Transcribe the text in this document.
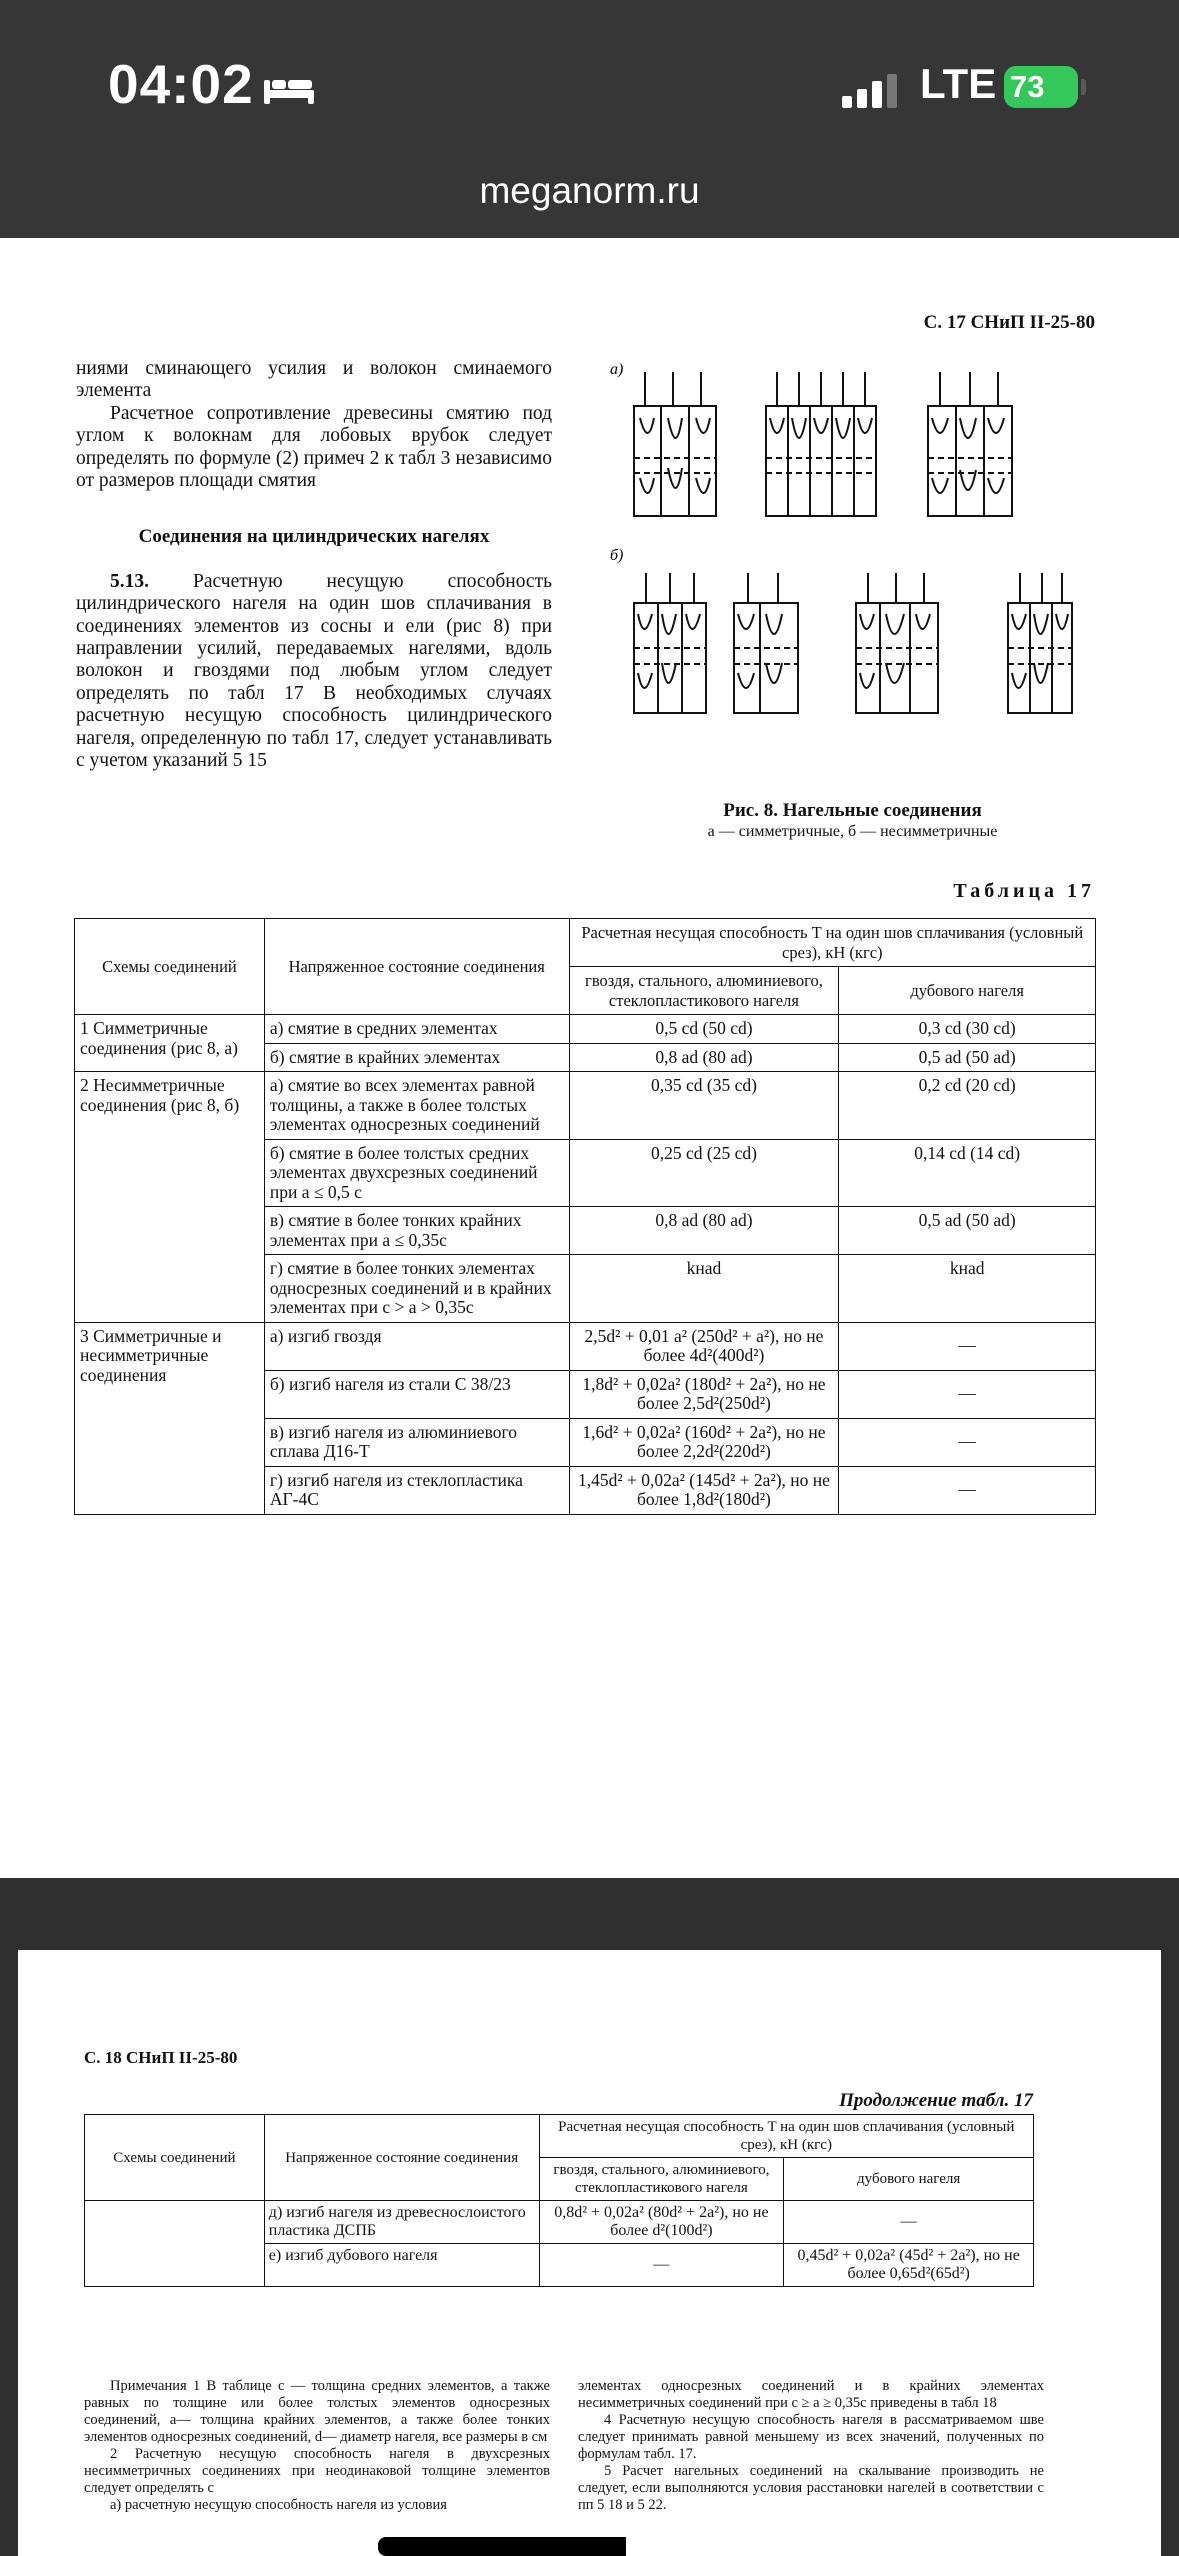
04:02	LTE 73
meganorm.ru
С. 17 СНиП II-25-80

ниями сминающего усилия и волокон сминаемого элемента

Расчетное сопротивление древесины смятию под углом к волокнам для лобовых врубок следует определять по формуле (2) примеч 2 к табл 3 независимо от размеров площади смятия

Соединения на цилиндрических нагелях

5.13. Расчетную несущую способность цилиндрического нагеля на один шов сплачивания в соединениях элементов из сосны и ели (рис 8) при направлении усилий, передаваемых нагелями, вдоль волокон и гвоздями под любым углом следует определять по табл 17 В необходимых случаях расчетную несущую способность цилиндрического нагеля, определенную по табл 17, следует устанавливать с учетом указаний 5 15

а)
б)
Рис. 8. Нагельные соединения
а — симметричные, б — несимметричные
Таблица 17
Схемы соединений	Напряженное состояние соединения	Расчетная несущая способность T на один шов сплачивания (условный срез), кН (кгс)	
		гвоздя, стального, алюминиевого, стеклопластикового нагеля	дубового нагеля
1 Симметричные соединения (рис 8, а)	а) смятие в средних элементах	0,5 cd (50 cd)	0,3 cd (30 cd)
	б) смятие в крайних элементах	0,8 ad (80 ad)	0,5 ad (50 ad)
2 Несимметричные соединения (рис 8, б)	а) смятие во всех элементах равной толщины, а также в более толстых элементах односрезных соединений	0,35 cd (35 cd)	0,2 cd (20 cd)
	б) смятие в более толстых средних элементах двухсрезных соединений при а ≤ 0,5 с	0,25 cd (25 cd)	0,14 cd (14 cd)
	в) смятие в более тонких крайних элементах при а ≤ 0,35с	0,8 ad (80 ad)	0,5 ad (50 ad)
	г) смятие в более тонких элементах односрезных соединений и в крайних элементах при c > a > 0,35c	kнad	kнad
3 Симметричные и несимметричные соединения	а) изгиб гвоздя	2,5d² + 0,01 a² (250d² + a²), но не более 4d²(400d²)	—
	б) изгиб нагеля из стали С 38/23	1,8d² + 0,02a² (180d² + 2a²), но не более 2,5d²(250d²)	—
	в) изгиб нагеля из алюминиевого сплава Д16-Т	1,6d² + 0,02a² (160d² + 2a²), но не более 2,2d²(220d²)	—
	г) изгиб нагеля из стеклопластика АГ-4С	1,45d² + 0,02a² (145d² + 2a²), но не более 1,8d²(180d²)	—
С. 18 СНиП II-25-80
Продолжение табл. 17
Схемы соединений	Напряженное состояние соединения	Расчетная несущая способность T на один шов сплачивания (условный срез), кН (кгс)	
		гвоздя, стального, алюминиевого, стеклопластикового нагеля	дубового нагеля
	д) изгиб нагеля из древеснослоистого пластика ДСПБ	0,8d² + 0,02a² (80d² + 2a²), но не более d²(100d²)	—
	е) изгиб дубового нагеля	—	0,45d² + 0,02a² (45d² + 2a²), но не более 0,65d²(65d²)

Примечания 1 В таблице с — толщина средних элементов, а также равных по толщине или более толстых элементов односрезных соединений, а— толщина крайних элементов, а также более тонких элементов односрезных соединений, d— диаметр нагеля, все размеры в см

2 Расчетную несущую способность нагеля в двухсрезных несимметричных соединениях при неодинаковой толщине элементов следует определять с

а) расчетную несущую способность нагеля из условия

элементах односрезных соединений и в крайних элементах несимметричных соединений при c ≥ a ≥ 0,35c приведены в табл 18

4 Расчетную несущую способность нагеля в рассматриваемом шве следует принимать равной меньшему из всех значений, полученных по формулам табл. 17.

5 Расчет нагельных соединений на скалывание производить не следует, если выполняются условия расстановки нагелей в соответствии с пп 5 18 и 5 22.
